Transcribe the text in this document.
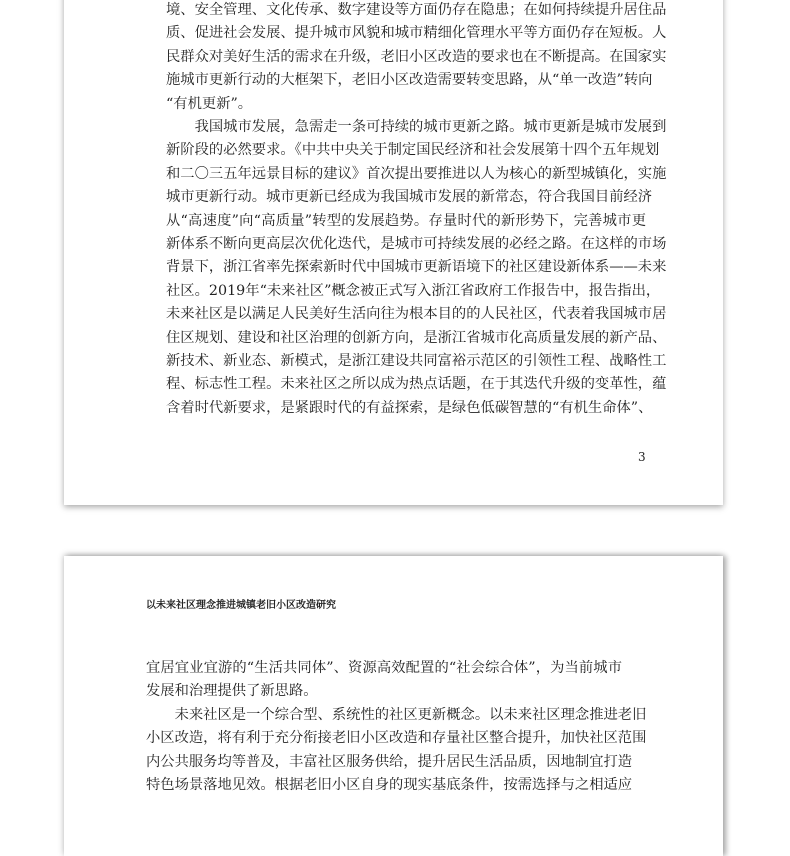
境、安全管理、文化传承、数字建设等方面仍存在隐患；在如何持续提升居住品
质、促进社会发展、提升城市风貌和城市精细化管理水平等方面仍存在短板。人
民群众对美好生活的需求在升级，老旧小区改造的要求也在不断提高。在国家实
施城市更新行动的大框架下，老旧小区改造需要转变思路，从“单一改造”转向
“有机更新”。
　　我国城市发展，急需走一条可持续的城市更新之路。城市更新是城市发展到
新阶段的必然要求。《中共中央关于制定国民经济和社会发展第十四个五年规划
和二〇三五年远景目标的建议》首次提出要推进以人为核心的新型城镇化，实施
城市更新行动。城市更新已经成为我国城市发展的新常态，符合我国目前经济
从“高速度”向“高质量”转型的发展趋势。存量时代的新形势下，完善城市更
新体系不断向更高层次优化迭代，是城市可持续发展的必经之路。在这样的市场
背景下，浙江省率先探索新时代中国城市更新语境下的社区建设新体系——未来
社区。2019年“未来社区”概念被正式写入浙江省政府工作报告中，报告指出，
未来社区是以满足人民美好生活向往为根本目的的人民社区，代表着我国城市居
住区规划、建设和社区治理的创新方向，是浙江省城市化高质量发展的新产品、
新技术、新业态、新模式，是浙江建设共同富裕示范区的引领性工程、战略性工
程、标志性工程。未来社区之所以成为热点话题，在于其迭代升级的变革性，蕴
含着时代新要求，是紧跟时代的有益探索，是绿色低碳智慧的“有机生命体”、
3
以未来社区理念推进城镇老旧小区改造研究
宜居宜业宜游的“生活共同体”、资源高效配置的“社会综合体”，为当前城市
发展和治理提供了新思路。
　　未来社区是一个综合型、系统性的社区更新概念。以未来社区理念推进老旧
小区改造，将有利于充分衔接老旧小区改造和存量社区整合提升，加快社区范围
内公共服务均等普及，丰富社区服务供给，提升居民生活品质，因地制宜打造
特色场景落地见效。根据老旧小区自身的现实基底条件，按需选择与之相适应
